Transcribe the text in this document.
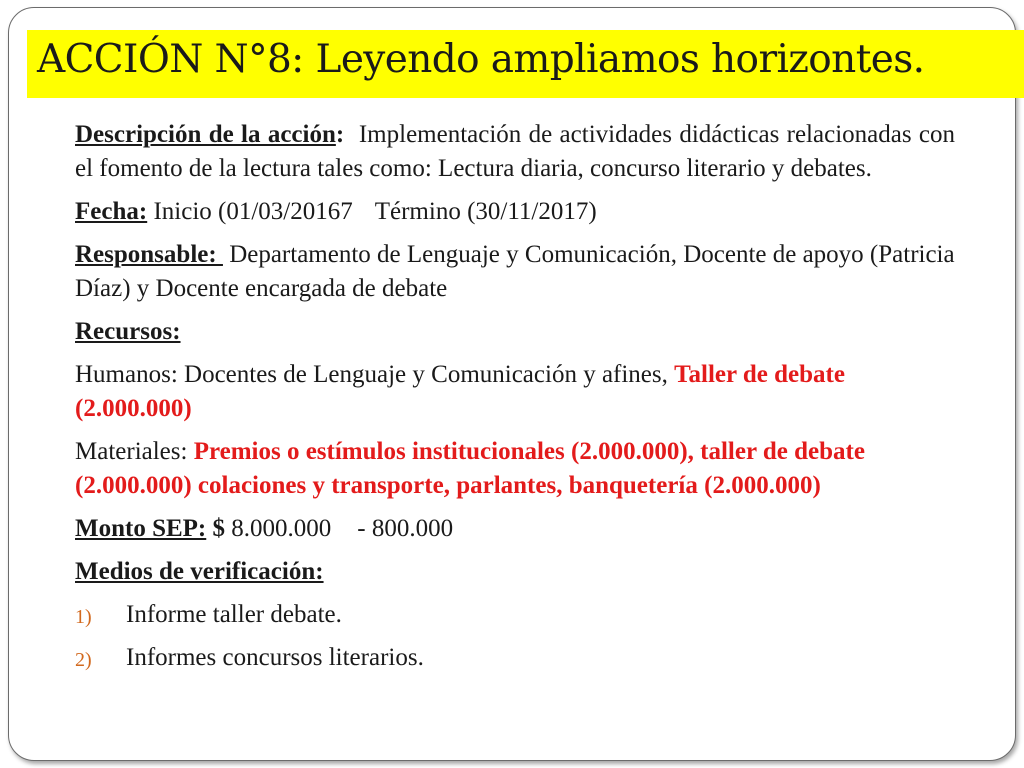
ACCIÓN N°8: Leyendo ampliamos horizontes.

Descripción de la acción:  Implementación de actividades didácticas relacionadas con el fomento de la lectura tales como: Lectura diaria, concurso literario y debates.

Fecha: Inicio (01/03/20167 Término (30/11/2017)

Responsable:  Departamento de Lenguaje y Comunicación, Docente de apoyo (Patricia Díaz) y Docente encargada de debate

Recursos:

Humanos: Docentes de Lenguaje y Comunicación y afines, Taller de debate (2.000.000)

Materiales: Premios o estímulos institucionales (2.000.000), taller de debate (2.000.000) colaciones y transporte, parlantes, banquetería (2.000.000)

Monto SEP: $ 8.000.000 - 800.000

Medios de verificación:

1) Informe taller debate.
2) Informes concursos literarios.
